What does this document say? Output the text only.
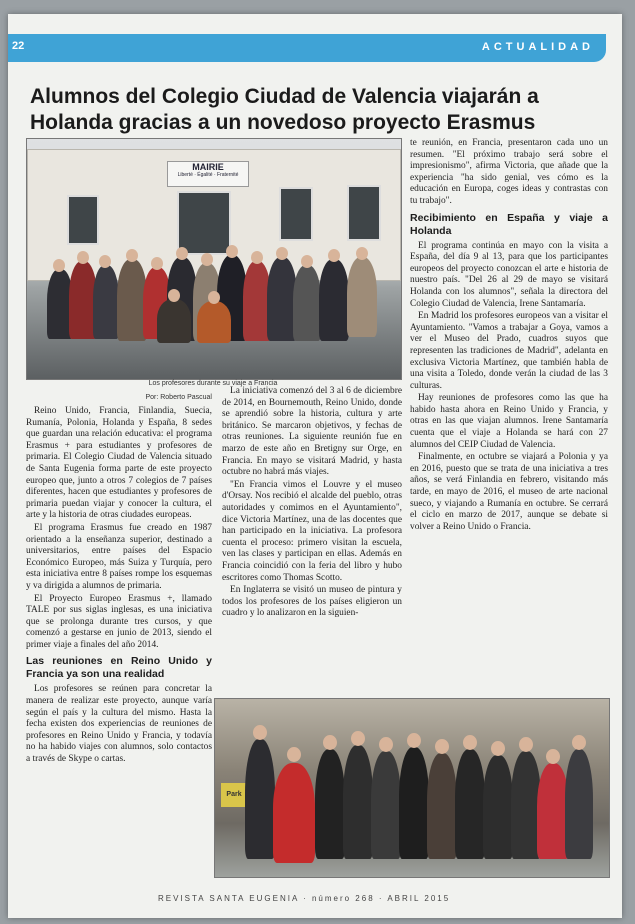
22	ACTUALIDAD
Alumnos del Colegio Ciudad de Valencia viajarán a Holanda gracias a un novedoso proyecto Erasmus
MAIRIE
Liberté · Égalité · Fraternité
Los profesores durante su viaje a Francia
Por: Roberto Pascual

Reino Unido, Francia, Finlandia, Suecia, Rumanía, Polonia, Holanda y España, 8 sedes que guardan una relación educativa: el programa Erasmus + para estudiantes y profesores de primaria. El Colegio Ciudad de Valencia situado de Santa Eugenia forma parte de este proyecto europeo que, junto a otros 7 colegios de 7 países diferentes, hacen que estudiantes y profesores de primaria puedan viajar y conocer la cultura, el arte y la historia de otras ciudades europeas.

El programa Erasmus fue creado en 1987 orientado a la enseñanza superior, destinado a universitarios, entre países del Espacio Económico Europeo, más Suiza y Turquía, pero esta iniciativa entre 8 países rompe los esquemas y va dirigida a alumnos de primaria.

El Proyecto Europeo Erasmus +, llamado TALE por sus siglas inglesas, es una iniciativa que se prolonga durante tres cursos, y que comenzó a gestarse en junio de 2013, siendo el primer viaje a finales del año 2014.

Las reuniones en Reino Unido y Francia ya son una realidad

Los profesores se reúnen para concretar la manera de realizar este proyecto, aunque varía según el país y la cultura del mismo. Hasta la fecha existen dos experiencias de reuniones de profesores en Reino Unido y Francia, y todavía no ha habido viajes con alumnos, solo contactos a través de Skype o cartas.

La iniciativa comenzó del 3 al 6 de diciembre de 2014, en Bournemouth, Reino Unido, donde se aprendió sobre la historia, cultura y arte británico. Se marcaron objetivos, y fechas de otras reuniones. La siguiente reunión fue en marzo de este año en Bretigny sur Orge, en Francia. En mayo se visitará Madrid, y hasta octubre no habrá más viajes.

"En Francia vimos el Louvre y el museo d'Orsay. Nos recibió el alcalde del pueblo, otras autoridades y comimos en el Ayuntamiento", dice Victoria Martínez, una de las docentes que han participado en la iniciativa. La profesora cuenta el proceso: primero visitan la escuela, ven las clases y participan en ellas. Además en Francia coincidió con la feria del libro y hubo escritores como Thomas Scotto.

En Inglaterra se visitó un museo de pintura y todos los profesores de los países eligieron un cuadro y lo analizaron en la siguien-

te reunión, en Francia, presentaron cada uno un resumen. "El próximo trabajo será sobre el impresionismo", afirma Victoria, que añade que la experiencia "ha sido genial, ves cómo es la educación en Europa, coges ideas y contrastas con tu trabajo".

Recibimiento en España y viaje a Holanda

El programa continúa en mayo con la visita a España, del día 9 al 13, para que los participantes europeos del proyecto conozcan el arte e historia de nuestro país. "Del 26 al 29 de mayo se visitará Holanda con los alumnos", señala la directora del Colegio Ciudad de Valencia, Irene Santamaría.

En Madrid los profesores europeos van a visitar el Ayuntamiento. "Vamos a trabajar a Goya, vamos a ver el Museo del Prado, cuadros suyos que representen las tradiciones de Madrid", adelanta en exclusiva Victoria Martínez, que también habla de una visita a Toledo, donde verán la ciudad de las 3 culturas.

Hay reuniones de profesores como las que ha habido hasta ahora en Reino Unido y Francia, y otras en las que viajan alumnos. Irene Santamaría cuenta que el viaje a Holanda se hará con 27 alumnos del CEIP Ciudad de Valencia.

Finalmente, en octubre se viajará a Polonia y ya en 2016, puesto que se trata de una iniciativa a tres años, se verá Finlandia en febrero, visitando más tarde, en mayo de 2016, el museo de arte nacional sueco, y viajando a Rumanía en octubre. Se cerrará el ciclo en marzo de 2017, aunque se debate si volver a Reino Unido o Francia.

Park
REVISTA SANTA EUGENIA · número 268 · ABRIL 2015
